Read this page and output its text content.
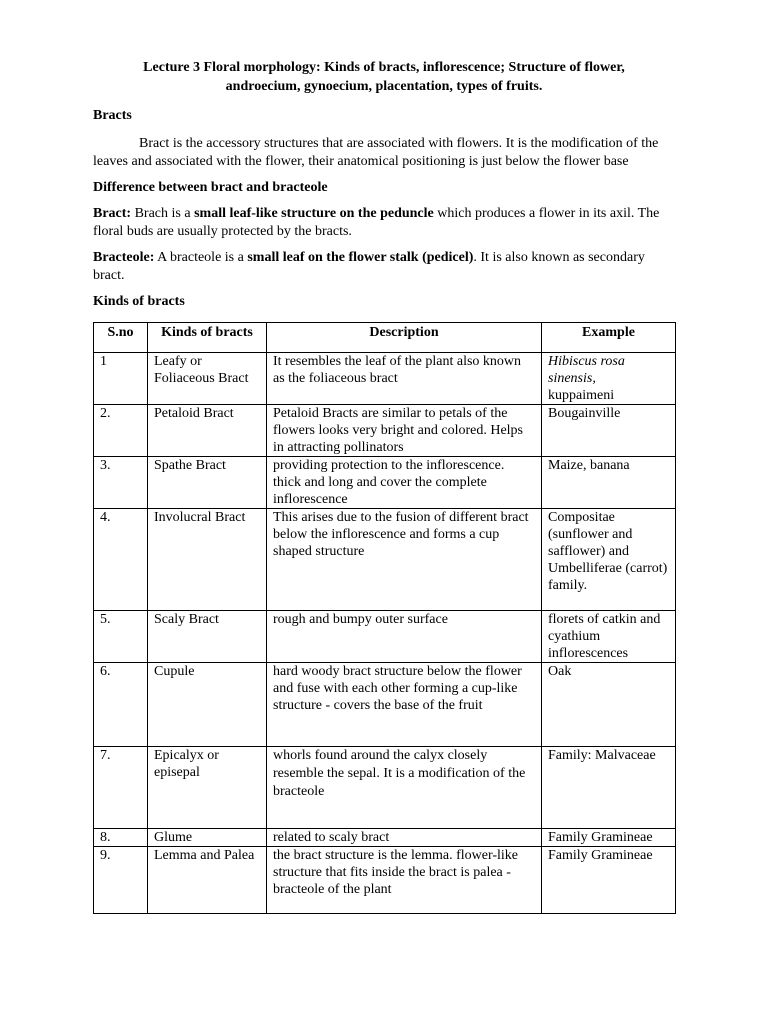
Lecture 3 Floral morphology: Kinds of bracts, inflorescence; Structure of flower,
androecium, gynoecium, placentation, types of fruits.

Bracts

Bract is the accessory structures that are associated with flowers. It is the modification of the leaves and associated with the flower, their anatomical positioning is just below the flower base

Difference between bract and bracteole

Bract: Brach is a small leaf-like structure on the peduncle which produces a flower in its axil. The floral buds are usually protected by the bracts.

Bracteole: A bracteole is a small leaf on the flower stalk (pedicel). It is also known as secondary bract.

Kinds of bracts

S.no	Kinds of bracts	Description	Example
1	Leafy or Foliaceous Bract	It resembles the leaf of the plant also known as the foliaceous bract	Hibiscus rosa sinensis,
kuppaimeni
2.	Petaloid Bract	Petaloid Bracts are similar to petals of the flowers looks very bright and colored. Helps in attracting pollinators	Bougainville
3.	Spathe Bract	providing protection to the inflorescence. thick and long and cover the complete inflorescence	Maize, banana
4.	Involucral Bract	This arises due to the fusion of different bract below the inflorescence and forms a cup shaped structure	Compositae (sunflower and safflower) and Umbelliferae (carrot) family.
5.	Scaly Bract	rough and bumpy outer surface	florets of catkin and cyathium inflorescences
6.	Cupule	hard woody bract structure below the flower and fuse with each other forming a cup-like structure - covers the base of the fruit	Oak
7.	Epicalyx or episepal	whorls found around the calyx closely resemble the sepal. It is a modification of the bracteole	Family: Malvaceae
8.	Glume	related to scaly bract	Family Gramineae
9.	Lemma and Palea	the bract structure is the lemma. flower-like structure that fits inside the bract is palea - bracteole of the plant	Family Gramineae
